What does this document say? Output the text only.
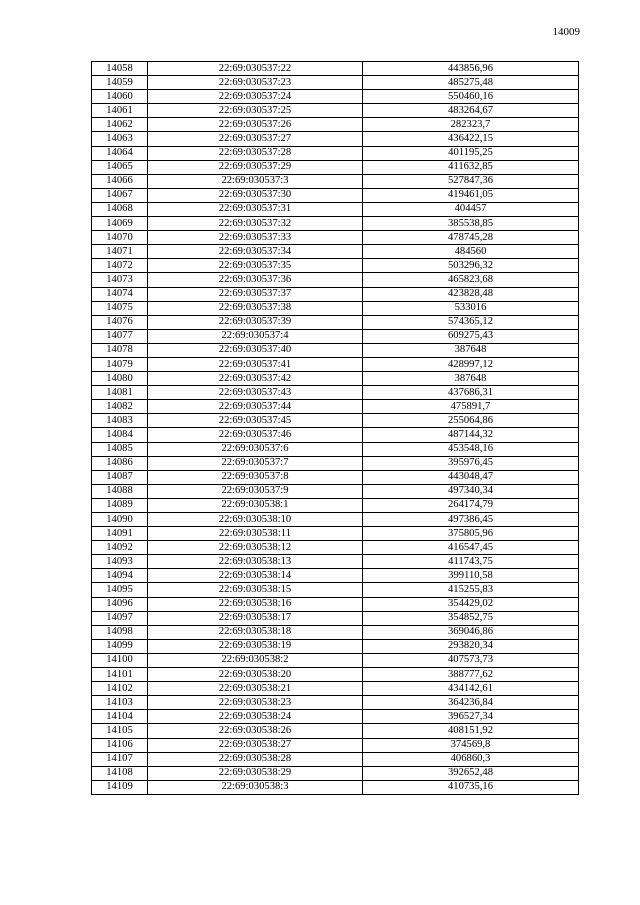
14009
14058	22:69:030537:22	443856,96
14059	22:69:030537:23	485275,48
14060	22:69:030537:24	550460,16
14061	22:69:030537:25	483264,67
14062	22:69:030537:26	282323,7
14063	22:69:030537:27	436422,15
14064	22:69:030537:28	401195,25
14065	22:69:030537:29	411632,85
14066	22:69:030537:3	527847,36
14067	22:69:030537:30	419461,05
14068	22:69:030537:31	404457
14069	22:69:030537:32	385538,85
14070	22:69:030537:33	478745,28
14071	22:69:030537:34	484560
14072	22:69:030537:35	503296,32
14073	22:69:030537:36	465823,68
14074	22:69:030537:37	423828,48
14075	22:69:030537:38	533016
14076	22:69:030537:39	574365,12
14077	22:69:030537:4	609275,43
14078	22:69:030537:40	387648
14079	22:69:030537:41	428997,12
14080	22:69:030537:42	387648
14081	22:69:030537:43	437686,31
14082	22:69:030537:44	475891,7
14083	22:69:030537:45	255064,86
14084	22:69:030537:46	487144,32
14085	22:69:030537:6	453548,16
14086	22:69:030537:7	395976,45
14087	22:69:030537:8	443048,47
14088	22:69:030537:9	497340,34
14089	22:69:030538:1	264174,79
14090	22:69:030538:10	497386,45
14091	22:69:030538:11	375805,96
14092	22:69:030538:12	416547,45
14093	22:69:030538:13	411743,75
14094	22:69:030538:14	399110,58
14095	22:69:030538:15	415255,83
14096	22:69:030538:16	354429,02
14097	22:69:030538:17	354852,75
14098	22:69:030538:18	369046,86
14099	22:69:030538:19	293820,34
14100	22:69:030538:2	407573,73
14101	22:69:030538:20	388777,62
14102	22:69:030538:21	434142,61
14103	22:69:030538:23	364236,84
14104	22:69:030538:24	396527,34
14105	22:69:030538:26	408151,92
14106	22:69:030538:27	374569,8
14107	22:69:030538:28	406860,3
14108	22:69:030538:29	392652,48
14109	22:69:030538:3	410735,16
